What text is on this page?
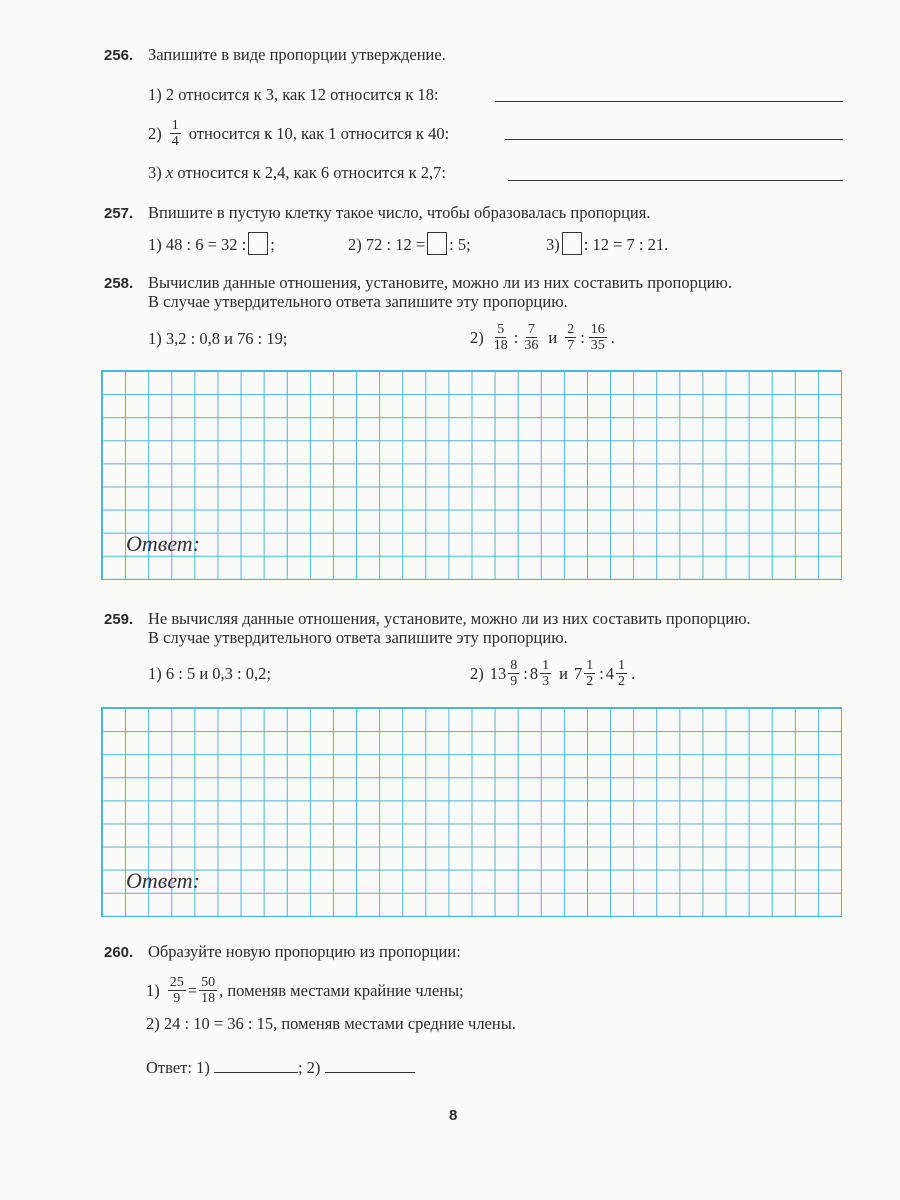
256. Запишите в виде пропорции утверждение.
1) 2 относится к 3, как 12 относится к 18:
$2) \frac{1}{4}$ относится к 10, как 1 относится к 40:
3) x относится к 2,4, как 6 относится к 2,7:
257. Впишите в пустую клетку такое число, чтобы образовалась пропорция.
1) 48 : 6 = 32 : ;	2) 72 : 12 = : 5;	3) : 12 = 7 : 21.
258. Вычислив данные отношения, установите, можно ли из них составить пропорцию.
В случае утвердительного ответа запишите эту пропорцию.
1) 3,2 : 0,8 и 76 : 19;	$2) \frac{5}{18}$ : $\frac{7}{36}$ и $\frac{2}{7}$ : $\frac{16}{35}$ .
Ответ:
259. Не вычисляя данные отношения, установите, можно ли из них составить пропорцию.
В случае утвердительного ответа запишите эту пропорцию.
1) 6 : 5 и 0,3 : 0,2;	2) $13 \frac{8}{9}$ : $8 \frac{1}{3}$ и $7 \frac{1}{2}$ : $4 \frac{1}{2}$ .
Ответ:
260. Образуйте новую пропорцию из пропорции:
$1) \frac{25}{9} = \frac{50}{18}$ , поменяв местами крайние члены;
2) 24 : 10 = 36 : 15, поменяв местами средние члены.
Ответ: 1)	; 2)
8
